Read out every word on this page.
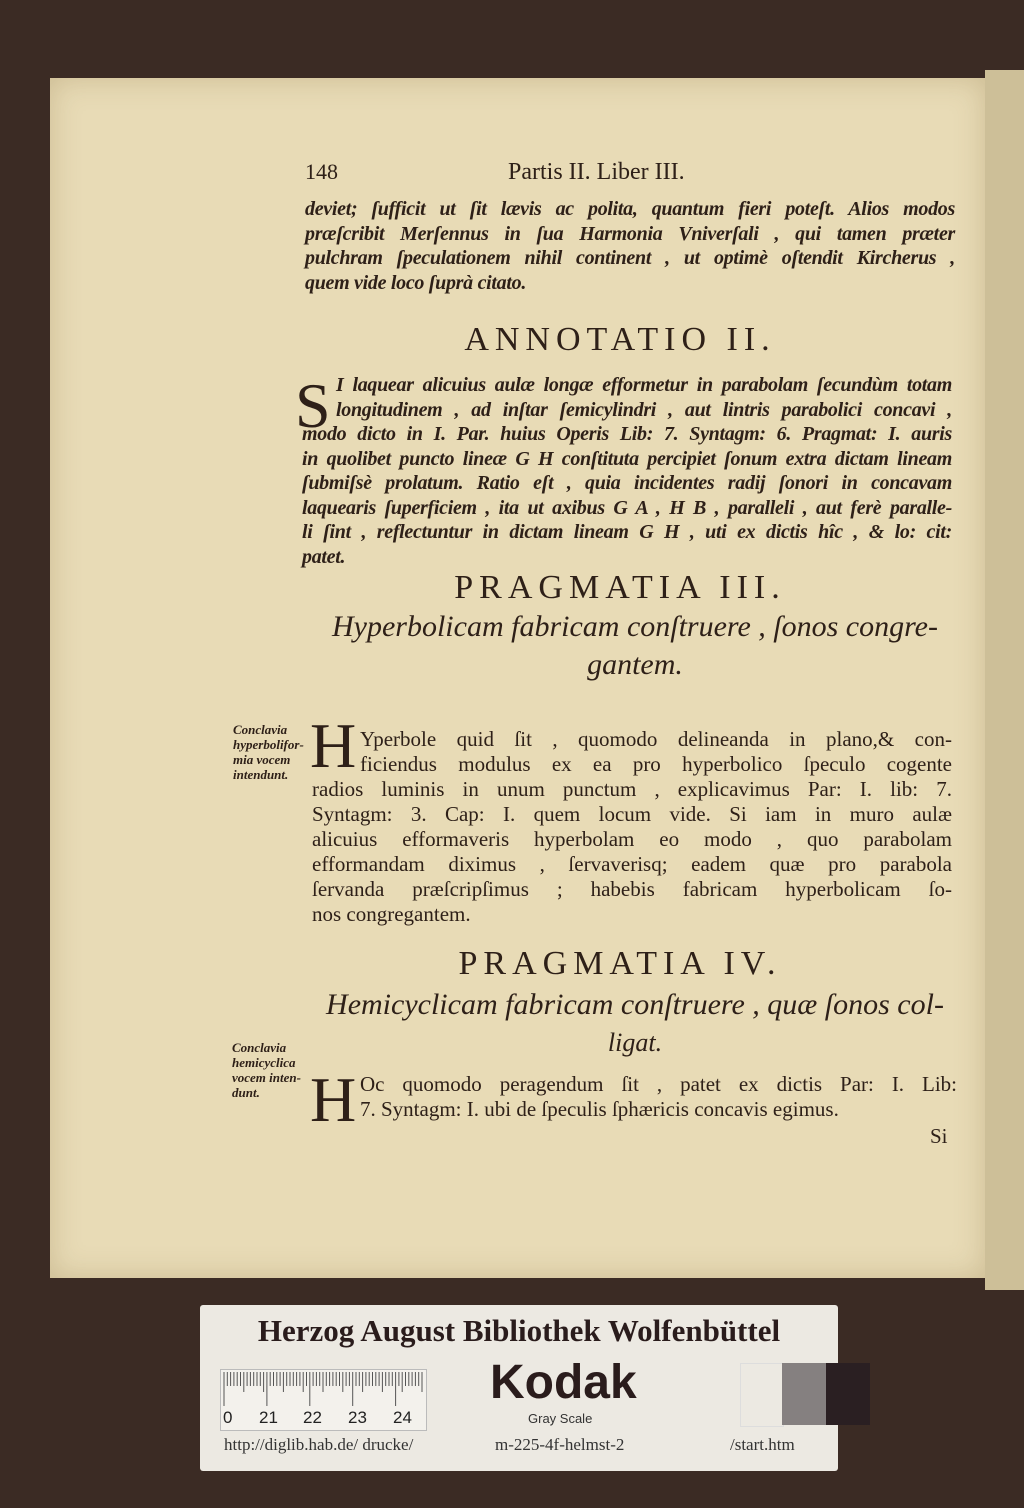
148	Partis II. Liber III.
deviet; ſufficit ut ſit lævis ac polita, quantum fieri poteſt. Alios modos
præſcribit Merſennus in ſua Harmonia Vniverſali , qui tamen præter
pulchram ſpeculationem nihil continent , ut optimè oſtendit Kircherus ,
quem vide loco ſuprà citato.
ANNOTATIO II.
S I laquear alicuius aulæ longæ efformetur in parabolam ſecundùm totam
longitudinem , ad inſtar ſemicylindri , aut lintris parabolici concavi ,
modo dicto in I. Par. huius Operis Lib: 7. Syntagm: 6. Pragmat: I. auris
in quolibet puncto lineæ G H conſtituta percipiet ſonum extra dictam lineam
ſubmiſsè prolatum. Ratio eſt , quia incidentes radij ſonori in concavam
laquearis ſuperficiem , ita ut axibus G A , H B , paralleli , aut ferè paralle-
li ſint , reflectuntur in dictam lineam G H , uti ex dictis hîc , & lo: cit:
patet.
PRAGMATIA III.
Hyperbolicam fabricam conſtruere , ſonos congre-
gantem.
Conclavia
hyperbolifor-
mia vocem
intendunt. H Yperbole quid ſit , quomodo delineanda in plano,& con-
ficiendus modulus ex ea pro hyperbolico ſpeculo cogente
radios luminis in unum punctum , explicavimus Par: I. lib: 7.
Syntagm: 3. Cap: I. quem locum vide. Si iam in muro aulæ
alicuius efformaveris hyperbolam eo modo , quo parabolam
efformandam diximus , ſervaverisq; eadem quæ pro parabola
ſervanda præſcripſimus ; habebis fabricam hyperbolicam ſo-
nos congregantem.
PRAGMATIA IV.
Hemicyclicam fabricam conſtruere , quæ ſonos col-
ligat.
Conclavia
hemicyclica
vocem inten-
dunt. H Oc quomodo peragendum ſit , patet ex dictis Par: I. Lib:
7. Syntagm: I. ubi de ſpeculis ſphæricis concavis egimus.
Si
Herzog August Bibliothek Wolfenbüttel
0 21 22 23 24
Kodak
Gray Scale
http://diglib.hab.de/ drucke/	m-225-4f-helmst-2	/start.htm
